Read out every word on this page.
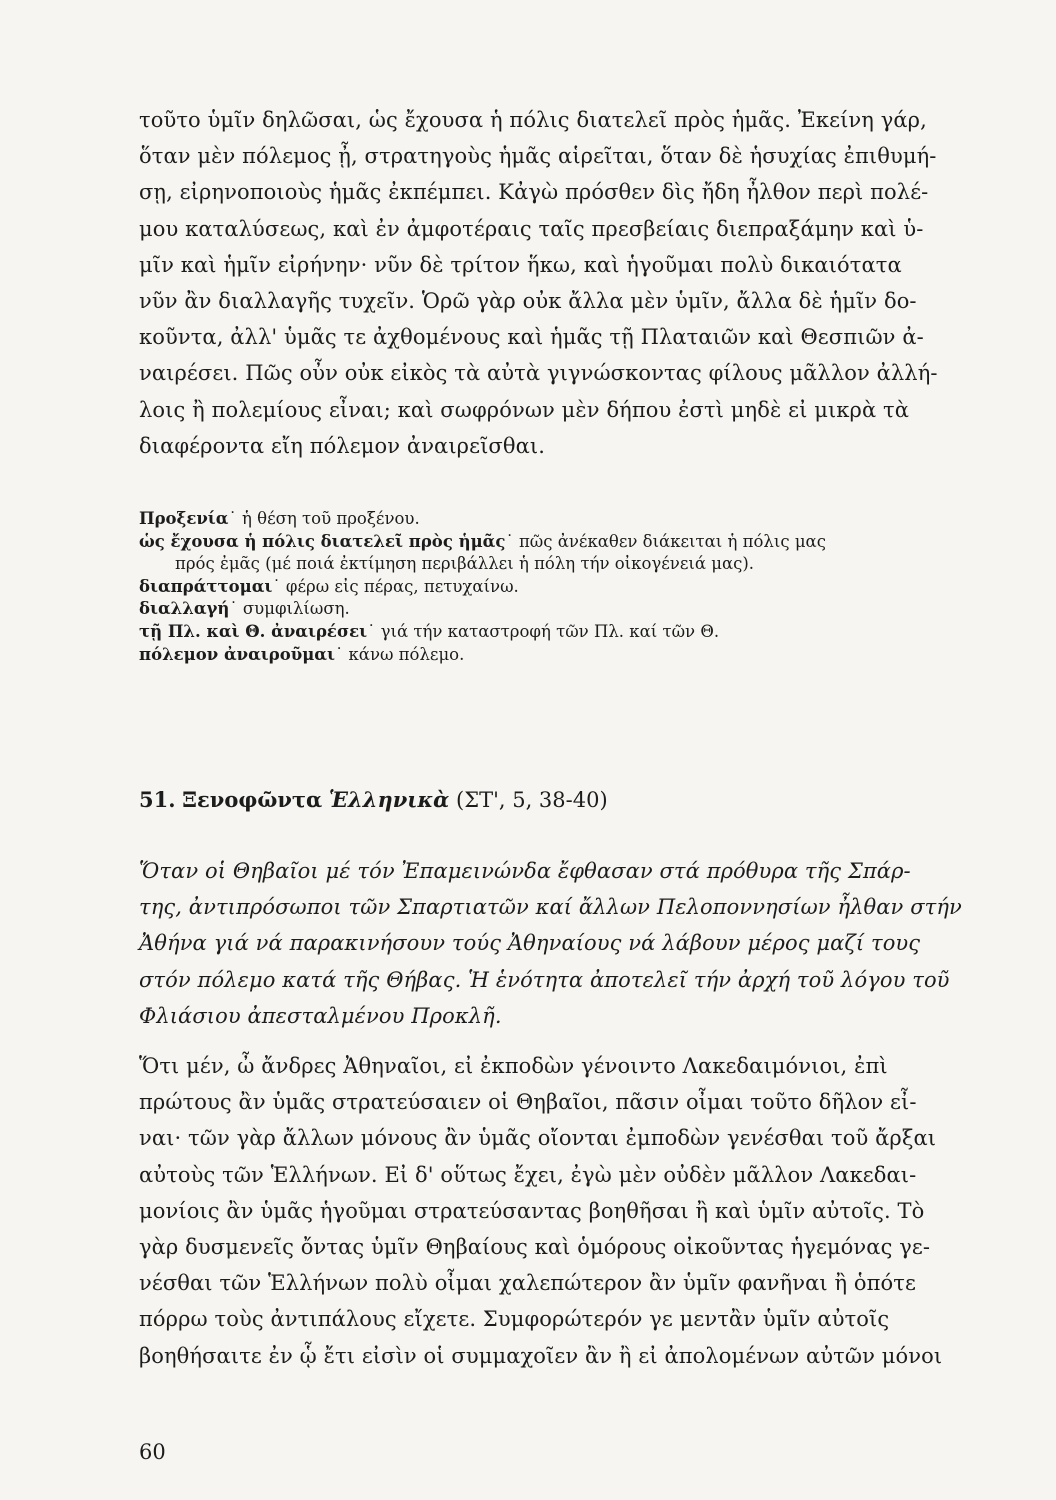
τοῦτο ὑμῖν δηλῶσαι, ὡς ἔχουσα ἡ πόλις διατελεῖ πρὸς ἡμᾶς. Ἐκείνη γάρ,
ὅταν μὲν πόλεμος ᾖ, στρατηγοὺς ἡμᾶς αἱρεῖται, ὅταν δὲ ἡσυχίας ἐπιθυμή-
σῃ, εἰρηνοποιοὺς ἡμᾶς ἐκπέμπει. Κἀγὼ πρόσθεν δὶς ἤδη ἦλθον περὶ πολέ-
μου καταλύσεως, καὶ ἐν ἀμφοτέραις ταῖς πρεσβείαις διεπραξάμην καὶ ὑ-
μῖν καὶ ἡμῖν εἰρήνην· νῦν δὲ τρίτον ἥκω, καὶ ἡγοῦμαι πολὺ δικαιότατα
νῦν ἂν διαλλαγῆς τυχεῖν. Ὁρῶ γὰρ οὐκ ἄλλα μὲν ὑμῖν, ἄλλα δὲ ἡμῖν δο-
κοῦντα, ἀλλ' ὑμᾶς τε ἀχθομένους καὶ ἡμᾶς τῇ Πλαταιῶν καὶ Θεσπιῶν ἀ-
ναιρέσει. Πῶς οὖν οὐκ εἰκὸς τὰ αὐτὰ γιγνώσκοντας φίλους μᾶλλον ἀλλή-
λοις ἢ πολεμίους εἶναι; καὶ σωφρόνων μὲν δήπου ἐστὶ μηδὲ εἰ μικρὰ τὰ
διαφέροντα εἴη πόλεμον ἀναιρεῖσθαι.
Προξενία˙ ἡ θέση τοῦ προξένου.
ὡς ἔχουσα ἡ πόλις διατελεῖ πρὸς ἡμᾶς˙ πῶς ἀνέκαθεν διάκειται ἡ πόλις μας
πρός ἐμᾶς (μέ ποιά ἐκτίμηση περιβάλλει ἡ πόλη τήν οἰκογένειά μας).
διαπράττομαι˙ φέρω εἰς πέρας, πετυχαίνω.
διαλλαγή˙ συμφιλίωση.
τῇ Πλ. καὶ Θ. ἀναιρέσει˙ γιά τήν καταστροφή τῶν Πλ. καί τῶν Θ.
πόλεμον ἀναιροῦμαι˙ κάνω πόλεμο.
51. Ξενοφῶντα Ἑλληνικὰ (ΣΤ', 5, 38-40)
Ὅταν οἱ Θηβαῖοι μέ τόν Ἐπαμεινώνδα ἔφθασαν στά πρόθυρα τῆς Σπάρ-
της, ἀντιπρόσωποι τῶν Σπαρτιατῶν καί ἄλλων Πελοποννησίων ἦλθαν στήν
Ἀθήνα γιά νά παρακινήσουν τούς Ἀθηναίους νά λάβουν μέρος μαζί τους
στόν πόλεμο κατά τῆς Θήβας. Ἡ ἑνότητα ἀποτελεῖ τήν ἀρχή τοῦ λόγου τοῦ
Φλιάσιου ἀπεσταλμένου Προκλῆ.
Ὅτι μέν, ὦ ἄνδρες Ἀθηναῖοι, εἰ ἐκποδὼν γένοιντο Λακεδαιμόνιοι, ἐπὶ
πρώτους ἂν ὑμᾶς στρατεύσαιεν οἱ Θηβαῖοι, πᾶσιν οἶμαι τοῦτο δῆλον εἶ-
ναι· τῶν γὰρ ἄλλων μόνους ἂν ὑμᾶς οἴονται ἐμποδὼν γενέσθαι τοῦ ἄρξαι
αὐτοὺς τῶν Ἑλλήνων. Εἰ δ' οὕτως ἔχει, ἐγὼ μὲν οὐδὲν μᾶλλον Λακεδαι-
μονίοις ἂν ὑμᾶς ἡγοῦμαι στρατεύσαντας βοηθῆσαι ἢ καὶ ὑμῖν αὐτοῖς. Τὸ
γὰρ δυσμενεῖς ὄντας ὑμῖν Θηβαίους καὶ ὁμόρους οἰκοῦντας ἡγεμόνας γε-
νέσθαι τῶν Ἑλλήνων πολὺ οἶμαι χαλεπώτερον ἂν ὑμῖν φανῆναι ἢ ὁπότε
πόρρω τοὺς ἀντιπάλους εἴχετε. Συμφορώτερόν γε μεντἂν ὑμῖν αὐτοῖς
βοηθήσαιτε ἐν ᾧ ἔτι εἰσὶν οἱ συμμαχοῖεν ἂν ἢ εἰ ἀπολομένων αὐτῶν μόνοι
60
